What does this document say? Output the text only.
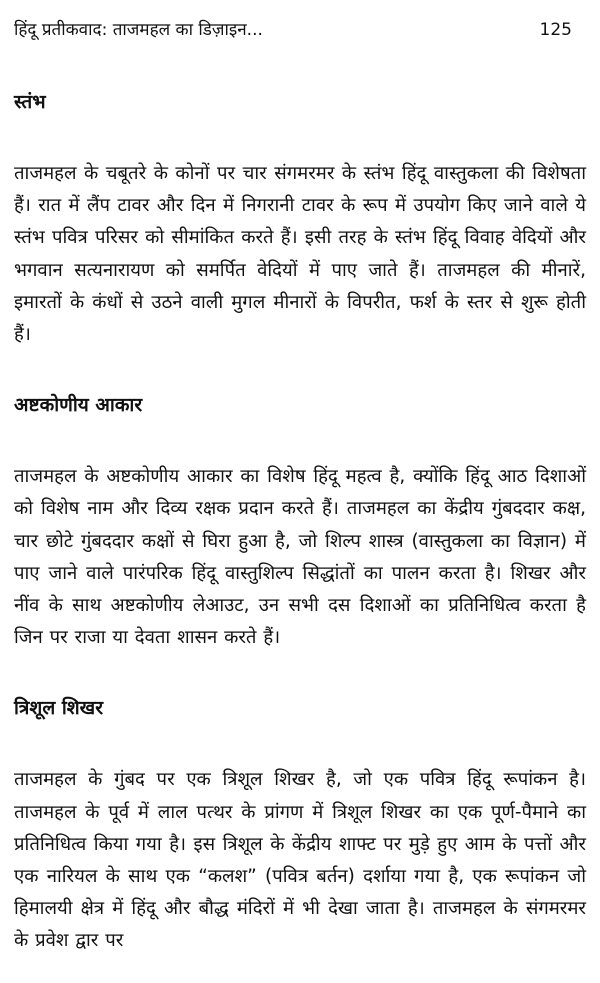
हिंदू प्रतीकवाद: ताजमहल का डिज़ाइन...	125
स्तंभ

ताजमहल के चबूतरे के कोनों पर चार संगमरमर के स्तंभ हिंदू वास्तुकला की विशेषता हैं। रात में लैंप टावर और दिन में निगरानी टावर के रूप में उपयोग किए जाने वाले ये स्तंभ पवित्र परिसर को सीमांकित करते हैं। इसी तरह के स्तंभ हिंदू विवाह वेदियों और भगवान सत्यनारायण को समर्पित वेदियों में पाए जाते हैं। ताजमहल की मीनारें, इमारतों के कंधों से उठने वाली मुगल मीनारों के विपरीत, फर्श के स्तर से शुरू होती हैं।

अष्टकोणीय आकार

ताजमहल के अष्टकोणीय आकार का विशेष हिंदू महत्व है, क्योंकि हिंदू आठ दिशाओं को विशेष नाम और दिव्य रक्षक प्रदान करते हैं। ताजमहल का केंद्रीय गुंबददार कक्ष, चार छोटे गुंबददार कक्षों से घिरा हुआ है, जो शिल्प शास्त्र (वास्तुकला का विज्ञान) में पाए जाने वाले पारंपरिक हिंदू वास्तुशिल्प सिद्धांतों का पालन करता है। शिखर और नींव के साथ अष्टकोणीय लेआउट, उन सभी दस दिशाओं का प्रतिनिधित्व करता है जिन पर राजा या देवता शासन करते हैं।

त्रिशूल शिखर

ताजमहल के गुंबद पर एक त्रिशूल शिखर है, जो एक पवित्र हिंदू रूपांकन है। ताजमहल के पूर्व में लाल पत्थर के प्रांगण में त्रिशूल शिखर का एक पूर्ण-पैमाने का प्रतिनिधित्व किया गया है। इस त्रिशूल के केंद्रीय शाफ्ट पर मुड़े हुए आम के पत्तों और एक नारियल के साथ एक “कलश” (पवित्र बर्तन) दर्शाया गया है, एक रूपांकन जो हिमालयी क्षेत्र में हिंदू और बौद्ध मंदिरों में भी देखा जाता है। ताजमहल के संगमरमर के प्रवेश द्वार पर
